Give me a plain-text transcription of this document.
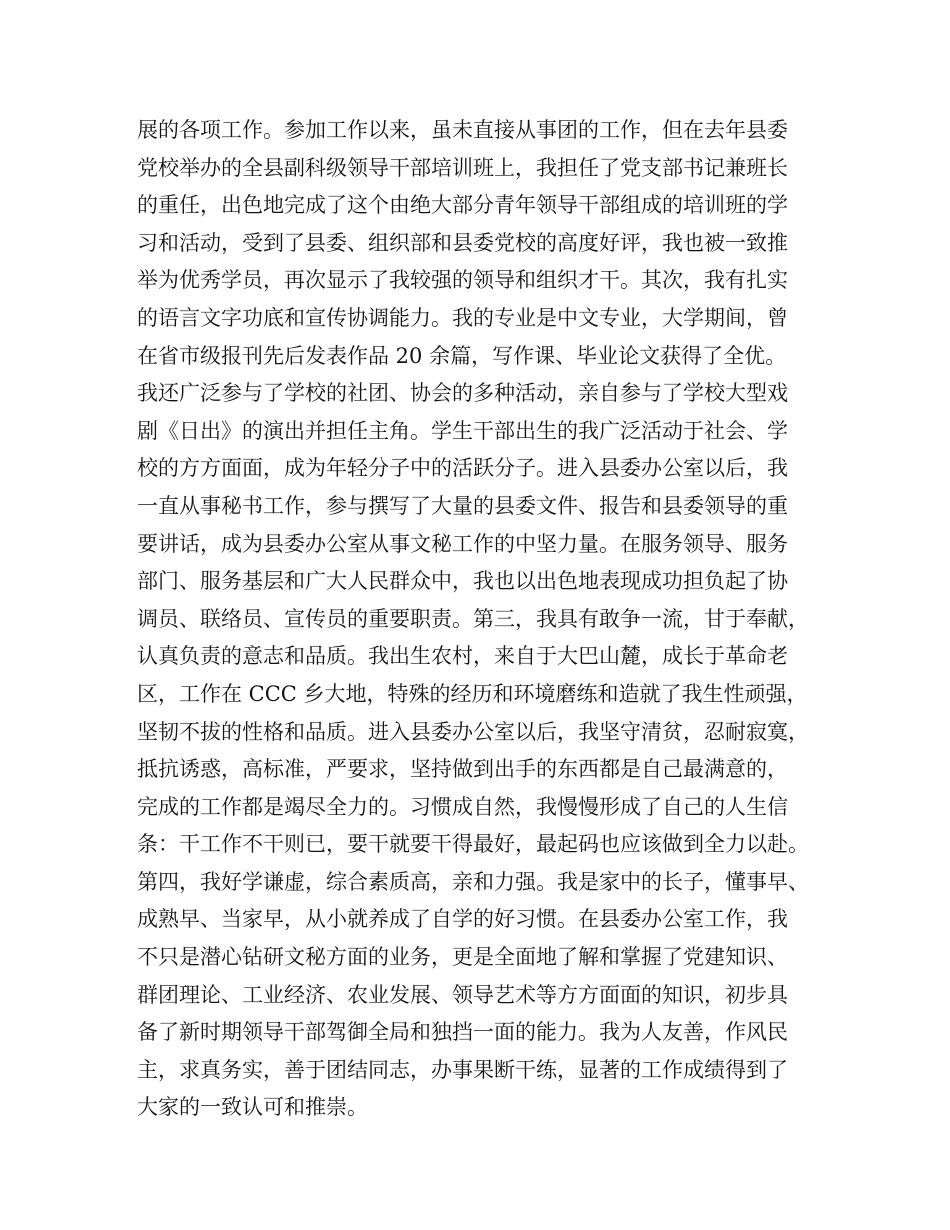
展的各项工作。参加工作以来，虽未直接从事团的工作，但在去年县委
党校举办的全县副科级领导干部培训班上，我担任了党支部书记兼班长
的重任，出色地完成了这个由绝大部分青年领导干部组成的培训班的学
习和活动，受到了县委、组织部和县委党校的高度好评，我也被一致推
举为优秀学员，再次显示了我较强的领导和组织才干。其次，我有扎实
的语言文字功底和宣传协调能力。我的专业是中文专业，大学期间，曾
在省市级报刊先后发表作品 20 余篇，写作课、毕业论文获得了全优。
我还广泛参与了学校的社团、协会的多种活动，亲自参与了学校大型戏
剧《日出》的演出并担任主角。学生干部出生的我广泛活动于社会、学
校的方方面面，成为年轻分子中的活跃分子。进入县委办公室以后，我
一直从事秘书工作，参与撰写了大量的县委文件、报告和县委领导的重
要讲话，成为县委办公室从事文秘工作的中坚力量。在服务领导、服务
部门、服务基层和广大人民群众中，我也以出色地表现成功担负起了协
调员、联络员、宣传员的重要职责。第三，我具有敢争一流，甘于奉献，
认真负责的意志和品质。我出生农村，来自于大巴山麓，成长于革命老
区，工作在 CCC 乡大地，特殊的经历和环境磨练和造就了我生性顽强，
坚韧不拔的性格和品质。进入县委办公室以后，我坚守清贫，忍耐寂寞，
抵抗诱惑，高标准，严要求，坚持做到出手的东西都是自己最满意的，
完成的工作都是竭尽全力的。习惯成自然，我慢慢形成了自己的人生信
条：干工作不干则已，要干就要干得最好，最起码也应该做到全力以赴。
第四，我好学谦虚，综合素质高，亲和力强。我是家中的长子，懂事早、
成熟早、当家早，从小就养成了自学的好习惯。在县委办公室工作，我
不只是潜心钻研文秘方面的业务，更是全面地了解和掌握了党建知识、
群团理论、工业经济、农业发展、领导艺术等方方面面的知识，初步具
备了新时期领导干部驾御全局和独挡一面的能力。我为人友善，作风民
主，求真务实，善于团结同志，办事果断干练，显著的工作成绩得到了
大家的一致认可和推崇。
